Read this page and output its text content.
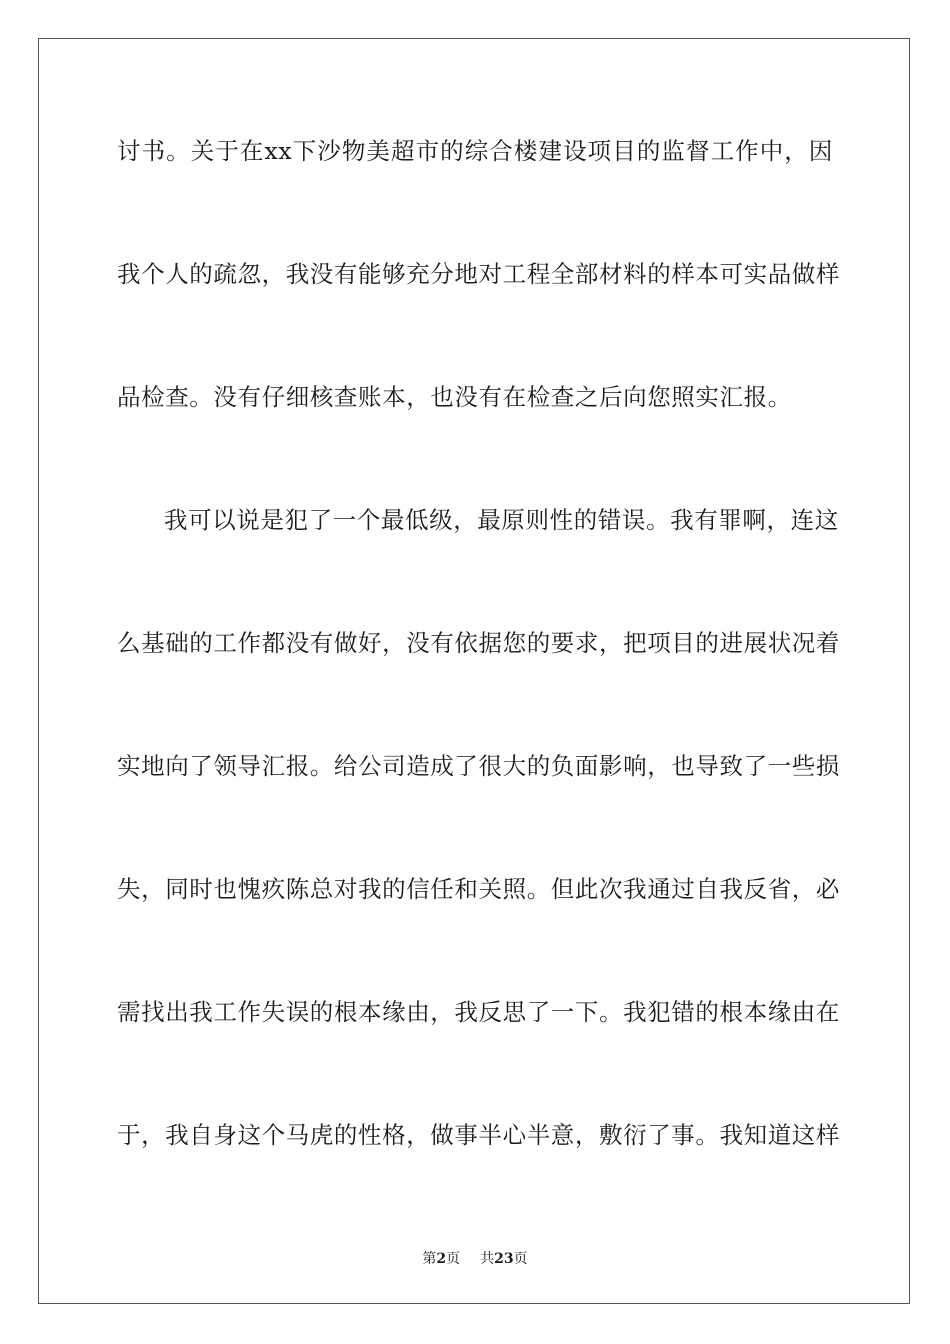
讨书。关于在xx下沙物美超市的综合楼建设项目的监督工作中，因
我个人的疏忽，我没有能够充分地对工程全部材料的样本可实品做样
品检查。没有仔细核查账本，也没有在检查之后向您照实汇报。
我可以说是犯了一个最低级，最原则性的错误。我有罪啊，连这
么基础的工作都没有做好，没有依据您的要求，把项目的进展状况着
实地向了领导汇报。给公司造成了很大的负面影响，也导致了一些损
失，同时也愧疚陈总对我的信任和关照。但此次我通过自我反省，必
需找出我工作失误的根本缘由，我反思了一下。我犯错的根本缘由在
于，我自身这个马虎的性格，做事半心半意，敷衍了事。我知道这样
第2页 共23页
